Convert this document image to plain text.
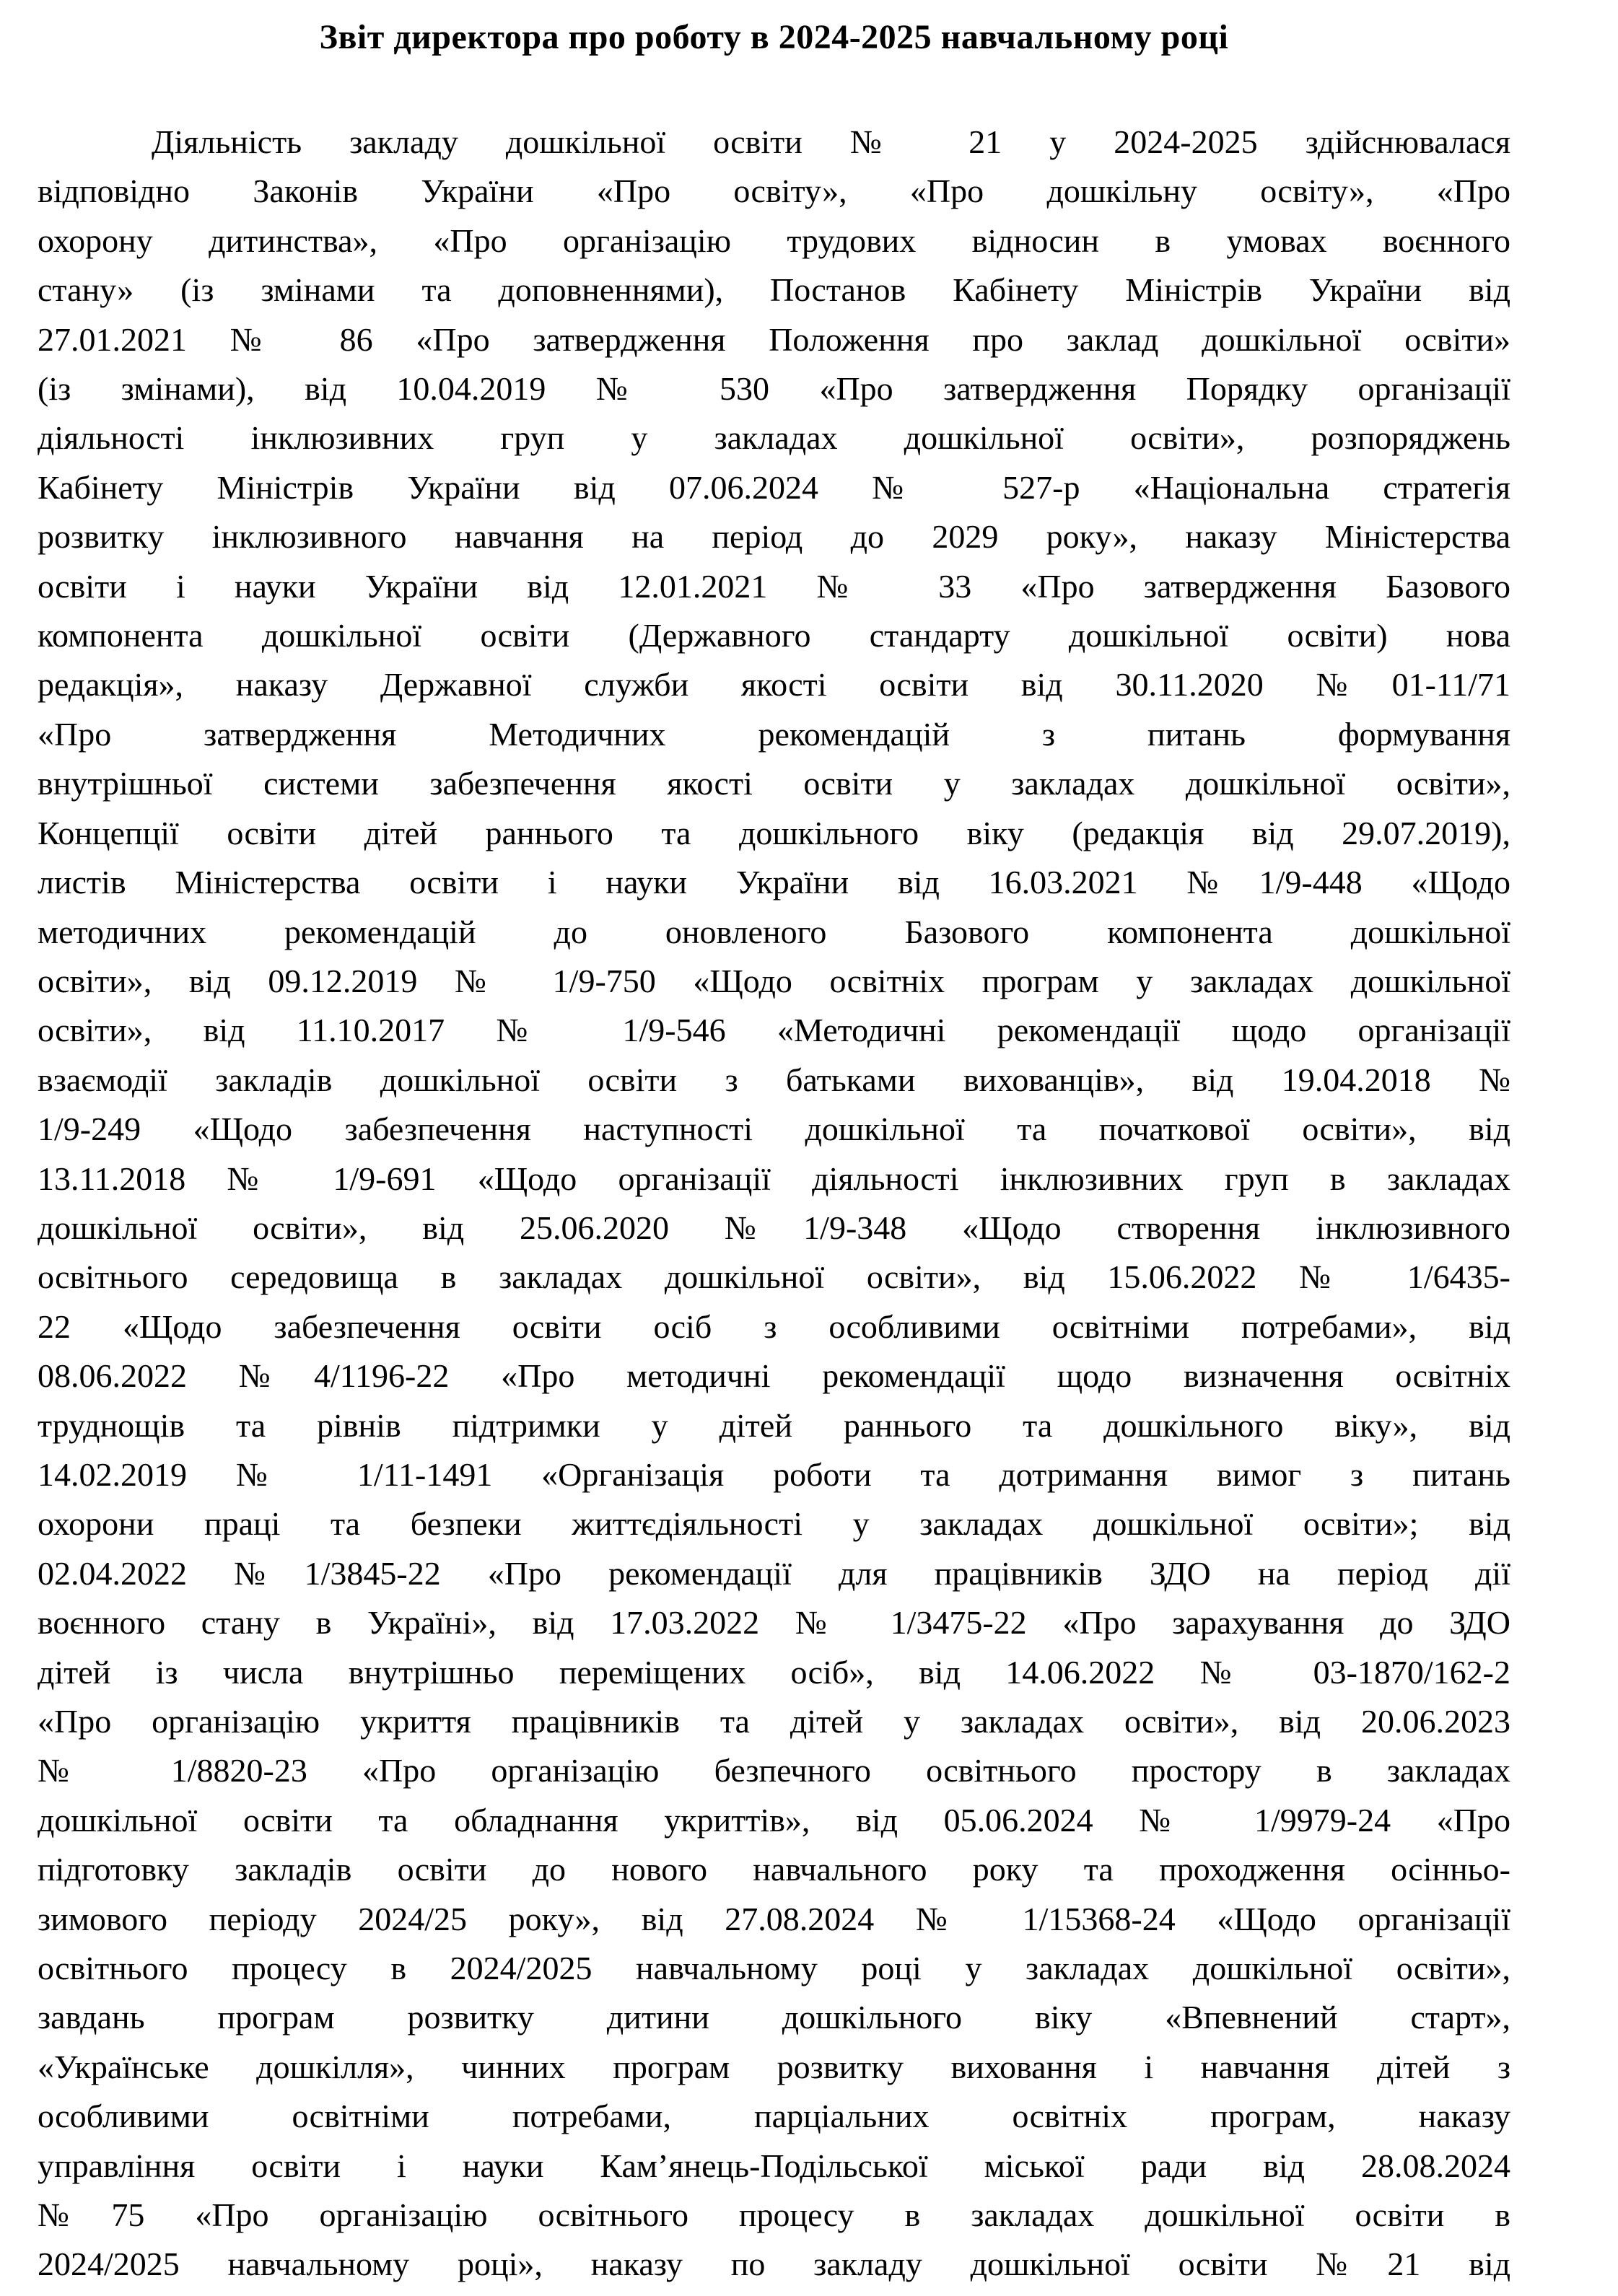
Звіт директора про роботу в 2024-2025 навчальному році
Діяльність закладу дошкільної освіти № 21 у 2024-2025 здійснювалася
відповідно Законів України «Про освіту», «Про дошкільну освіту», «Про
охорону дитинства», «Про організацію трудових відносин в умовах воєнного
стану» (із змінами та доповненнями), Постанов Кабінету Міністрів України від
27.01.2021 № 86 «Про затвердження Положення про заклад дошкільної освіти»
(із змінами), від 10.04.2019 № 530 «Про затвердження Порядку організації
діяльності інклюзивних груп у закладах дошкільної освіти», розпоряджень
Кабінету Міністрів України від 07.06.2024 № 527-р «Національна стратегія
розвитку інклюзивного навчання на період до 2029 року», наказу Міністерства
освіти і науки України від 12.01.2021 № 33 «Про затвердження Базового
компонента дошкільної освіти (Державного стандарту дошкільної освіти) нова
редакція», наказу Державної служби якості освіти від 30.11.2020 №01-11/71
«Про затвердження Методичних рекомендацій з питань формування
внутрішньої системи забезпечення якості освіти у закладах дошкільної освіти»,
Концепції освіти дітей раннього та дошкільного віку (редакція від 29.07.2019),
листів Міністерства освіти і науки України від 16.03.2021 №1/9-448 «Щодо
методичних рекомендацій до оновленого Базового компонента дошкільної
освіти», від 09.12.2019 № 1/9-750 «Щодо освітніх програм у закладах дошкільної
освіти», від 11.10.2017 № 1/9-546 «Методичні рекомендації щодо організації
взаємодії закладів дошкільної освіти з батьками вихованців», від 19.04.2018 №
1/9-249 «Щодо забезпечення наступності дошкільної та початкової освіти», від
13.11.2018 № 1/9-691 «Щодо організації діяльності інклюзивних груп в закладах
дошкільної освіти», від 25.06.2020 №1/9-348 «Щодо створення інклюзивного
освітнього середовища в закладах дошкільної освіти», від 15.06.2022 № 1/6435-
22 «Щодо забезпечення освіти осіб з особливими освітніми потребами», від
08.06.2022 №4/1196-22 «Про методичні рекомендації щодо визначення освітніх
труднощів та рівнів підтримки у дітей раннього та дошкільного віку», від
14.02.2019 № 1/11-1491 «Організація роботи та дотримання вимог з питань
охорони праці та безпеки життєдіяльності у закладах дошкільної освіти»; від
02.04.2022 №1/3845-22 «Про рекомендації для працівників ЗДО на період дії
воєнного стану в Україні», від 17.03.2022 № 1/3475-22 «Про зарахування до ЗДО
дітей із числа внутрішньо переміщених осіб», від 14.06.2022 № 03-1870/162-2
«Про організацію укриття працівників та дітей у закладах освіти», від 20.06.2023
№ 1/8820-23 «Про організацію безпечного освітнього простору в закладах
дошкільної освіти та обладнання укриттів», від 05.06.2024 № 1/9979-24 «Про
підготовку закладів освіти до нового навчального року та проходження осінньо-
зимового періоду 2024/25 року», від 27.08.2024 № 1/15368-24 «Щодо організації
освітнього процесу в 2024/2025 навчальному році у закладах дошкільної освіти»,
завдань програм розвитку дитини дошкільного віку «Впевнений старт»,
«Українське дошкілля», чинних програм розвитку виховання і навчання дітей з
особливими освітніми потребами, парціальних освітніх програм, наказу
управління освіти і науки Кам’янець-Подільської міської ради від 28.08.2024
№75 «Про організацію освітнього процесу в закладах дошкільної освіти в
2024/2025 навчальному році», наказу по закладу дошкільної освіти №21 від
